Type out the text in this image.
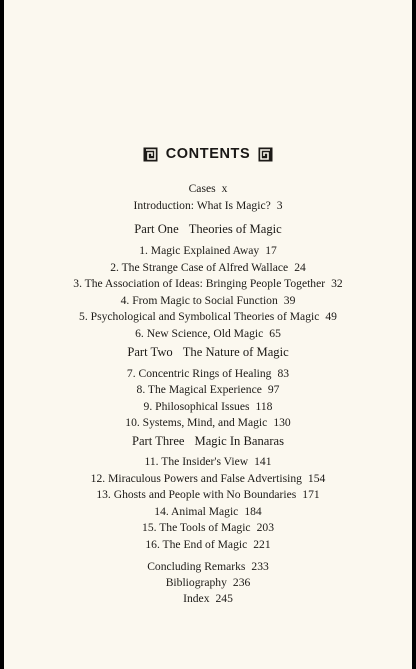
CONTENTS
Cases x
Introduction: What Is Magic? 3
Part One Theories of Magic
1. Magic Explained Away 17
2. The Strange Case of Alfred Wallace 24
3. The Association of Ideas: Bringing People Together 32
4. From Magic to Social Function 39
5. Psychological and Symbolical Theories of Magic 49
6. New Science, Old Magic 65
Part Two The Nature of Magic
7. Concentric Rings of Healing 83
8. The Magical Experience 97
9. Philosophical Issues 118
10. Systems, Mind, and Magic 130
Part Three Magic In Banaras
11. The Insider's View 141
12. Miraculous Powers and False Advertising 154
13. Ghosts and People with No Boundaries 171
14. Animal Magic 184
15. The Tools of Magic 203
16. The End of Magic 221
Concluding Remarks 233
Bibliography 236
Index 245
